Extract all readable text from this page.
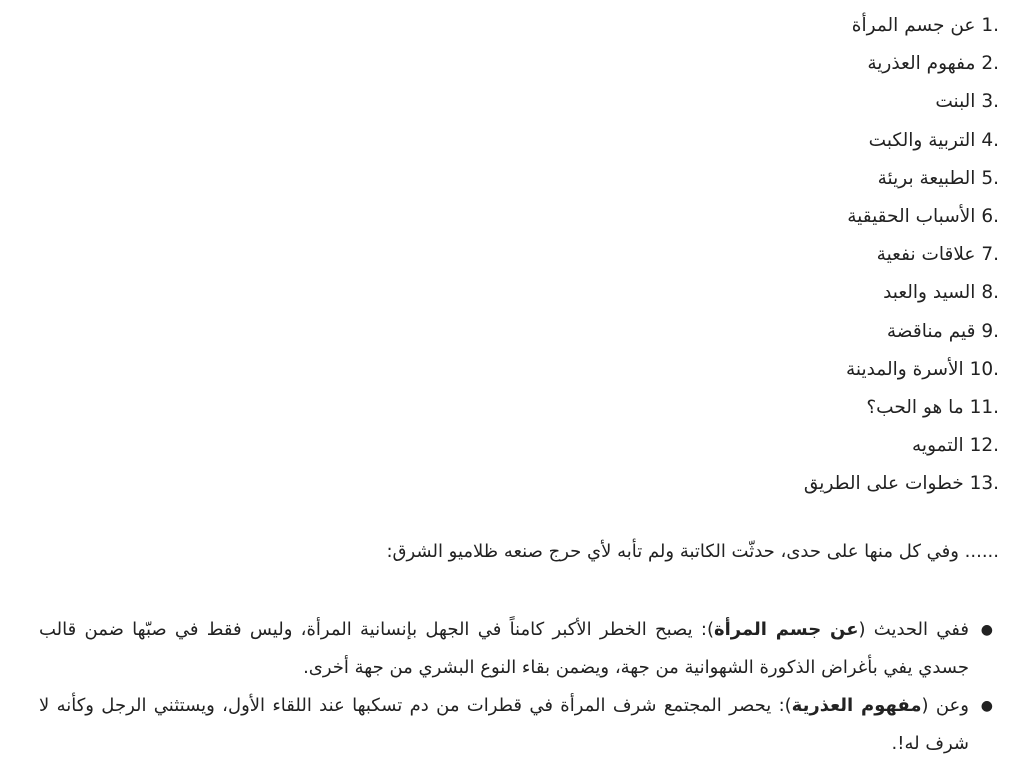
1. عن جسم المرأة
2. مفهوم العذرية
3. البنت
4. التربية والكبت
5. الطبيعة بريئة
6. الأسباب الحقيقية
7. علاقات نفعية
8. السيد والعبد
9. قيم مناقضة
10. الأسرة والمدينة
11. ما هو الحب؟
12. التمويه
13. خطوات على الطريق

...... وفي كل منها على حدى، حدثّت الكاتبة ولم تأبه لأي حرج صنعه ظلاميو الشرق:

●
ففي الحديث (عن جسم المرأة): يصبح الخطر الأكبر كامناً في الجهل بإنسانية المرأة، وليس فقط في صبّها ضمن قالب جسدي يفي بأغراض الذكورة الشهوانية من جهة، ويضمن بقاء النوع البشري من جهة أخرى.
●
وعن (مفهوم العذرية): يحصر المجتمع شرف المرأة في قطرات من دم تسكبها عند اللقاء الأول، ويستثني الرجل وكأنه لا شرف له!.
